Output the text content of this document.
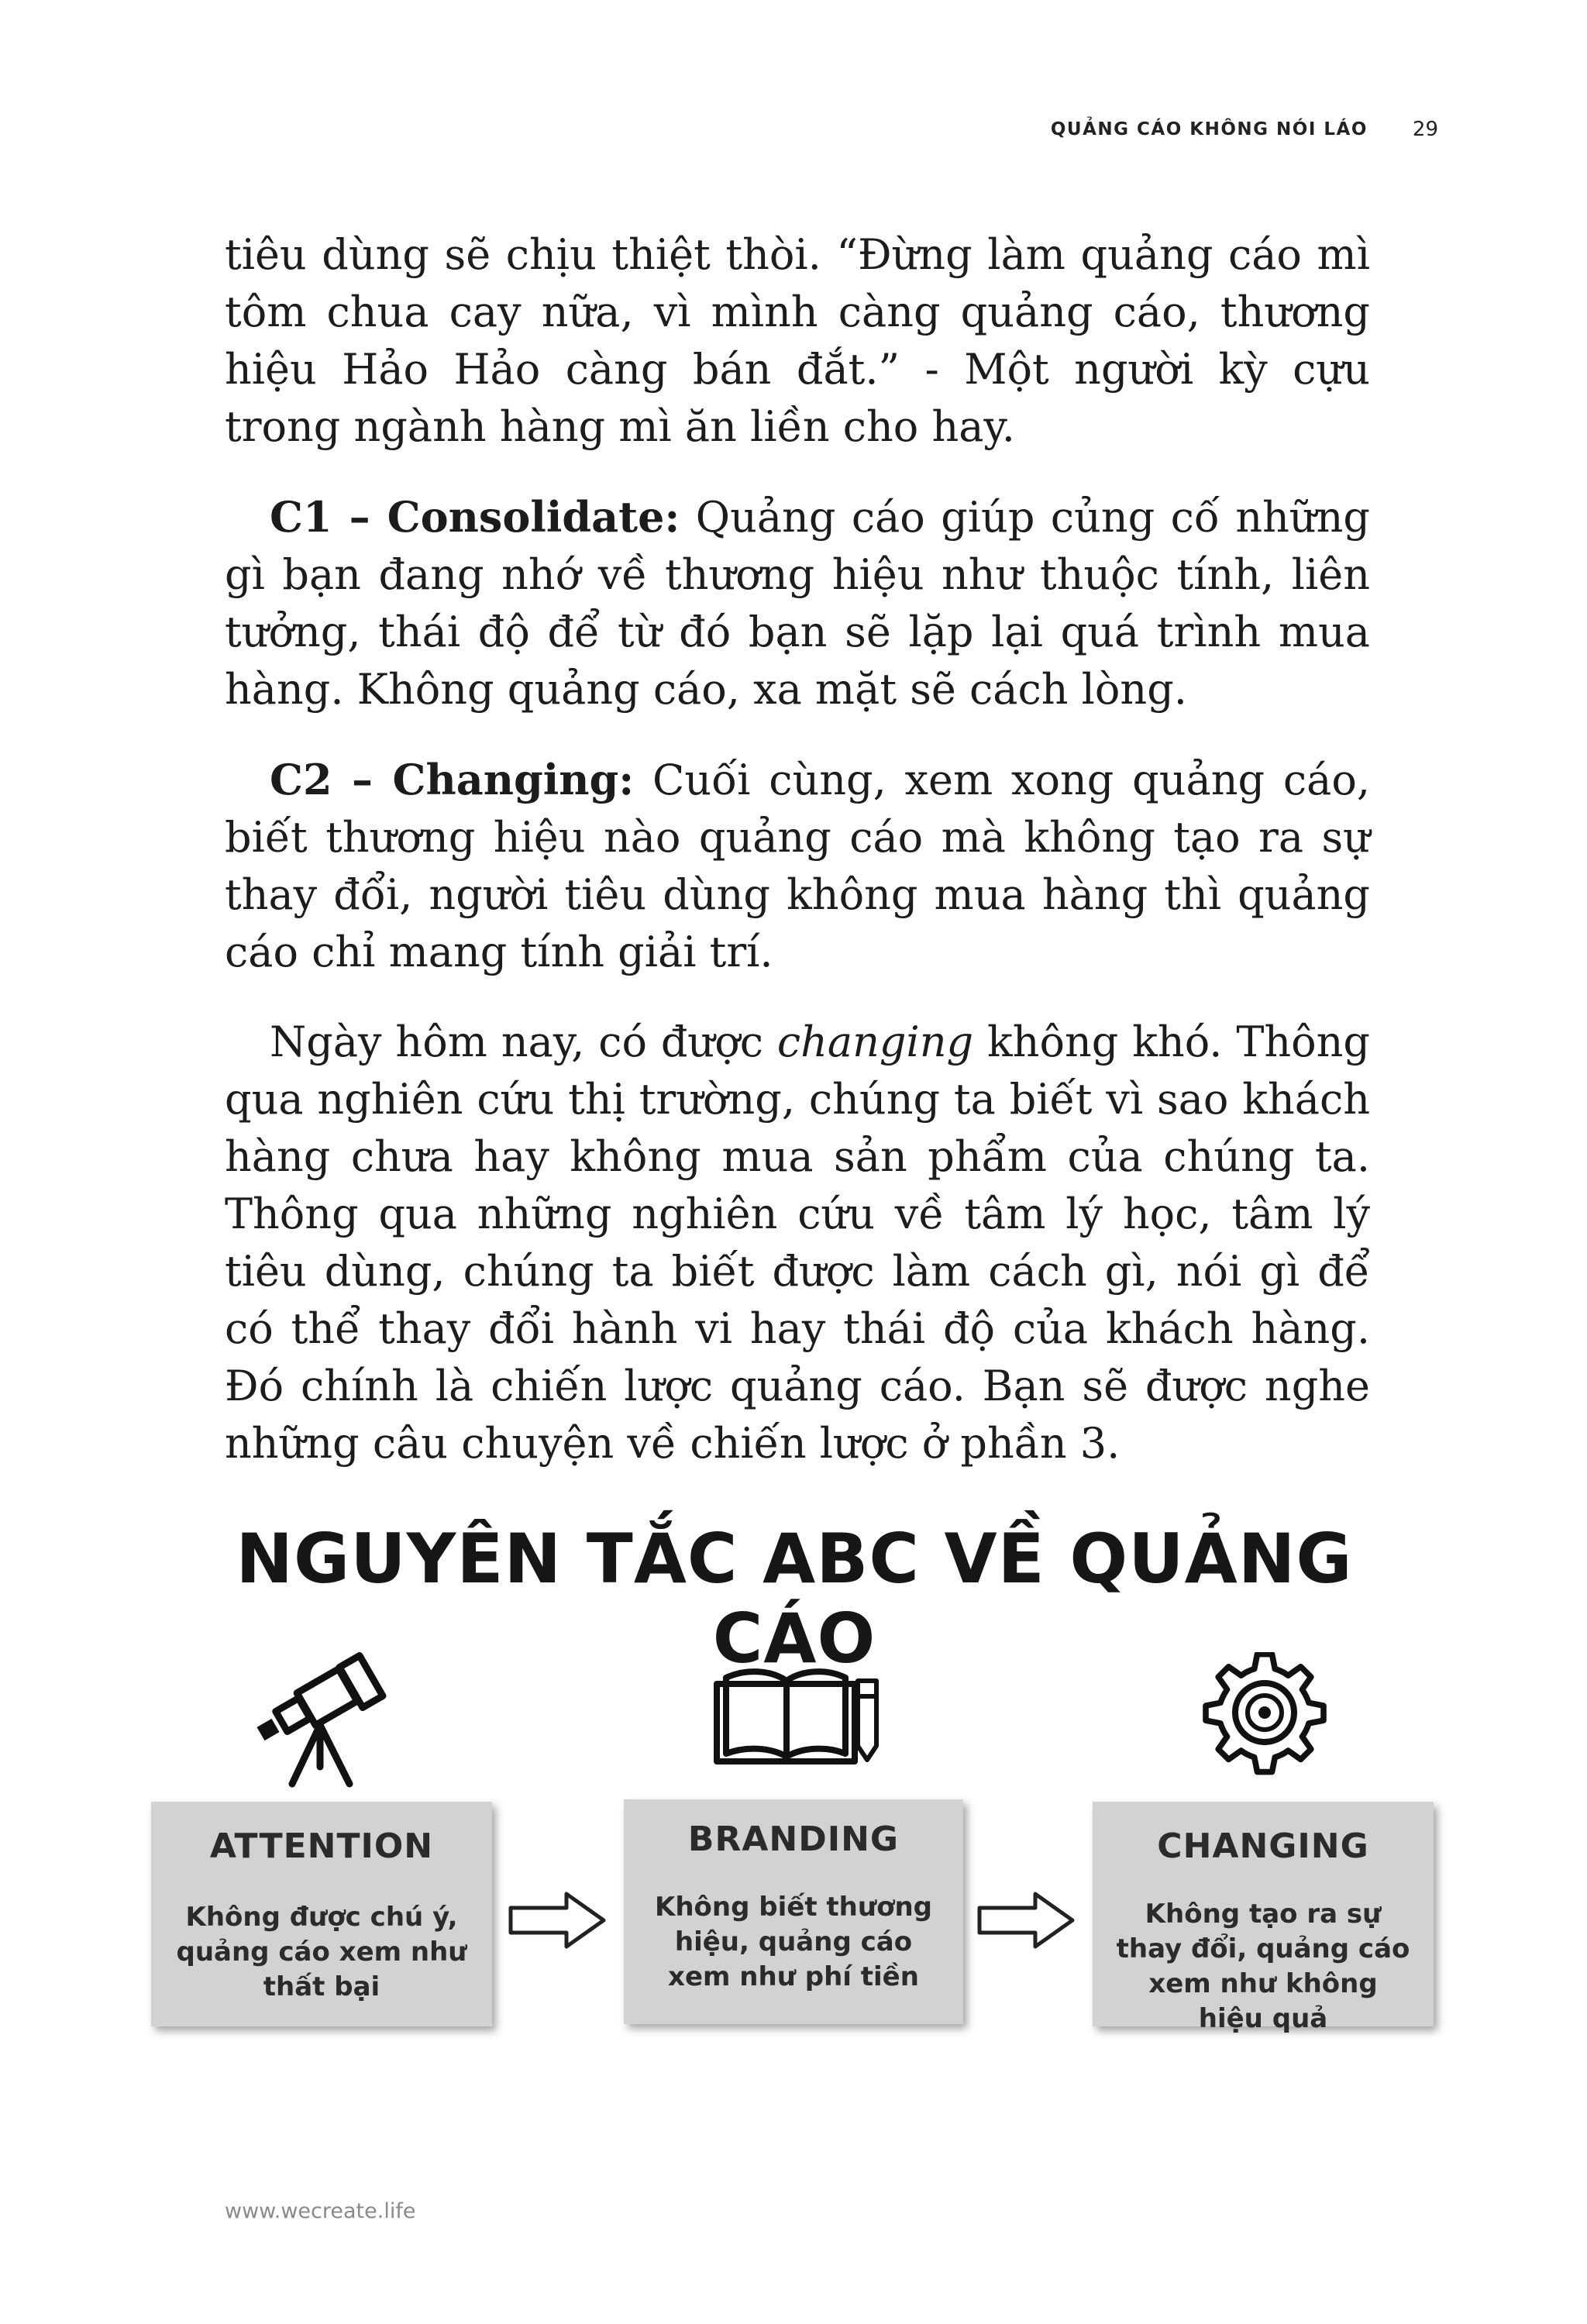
QUẢNG CÁO KHÔNG NÓI LÁO 29

tiêu dùng sẽ chịu thiệt thòi. “Đừng làm quảng cáo mì tôm chua cay nữa, vì mình càng quảng cáo, thương hiệu Hảo Hảo càng bán đắt.” - Một người kỳ cựu trong ngành hàng mì ăn liền cho hay.

C1 – Consolidate: Quảng cáo giúp củng cố những gì bạn đang nhớ về thương hiệu như thuộc tính, liên tưởng, thái độ để từ đó bạn sẽ lặp lại quá trình mua hàng. Không quảng cáo, xa mặt sẽ cách lòng.

C2 – Changing: Cuối cùng, xem xong quảng cáo, biết thương hiệu nào quảng cáo mà không tạo ra sự thay đổi, người tiêu dùng không mua hàng thì quảng cáo chỉ mang tính giải trí.

Ngày hôm nay, có được changing không khó. Thông qua nghiên cứu thị trường, chúng ta biết vì sao khách hàng chưa hay không mua sản phẩm của chúng ta. Thông qua những nghiên cứu về tâm lý học, tâm lý tiêu dùng, chúng ta biết được làm cách gì, nói gì để có thể thay đổi hành vi hay thái độ của khách hàng. Đó chính là chiến lược quảng cáo. Bạn sẽ được nghe những câu chuyện về chiến lược ở phần 3.

NGUYÊN TẮC ABC VỀ QUẢNG CÁO
ATTENTION
Không được chú ý, quảng cáo xem như thất bại
BRANDING
Không biết thương hiệu, quảng cáo xem như phí tiền
CHANGING
Không tạo ra sự thay đổi, quảng cáo xem như không hiệu quả
www.wecreate.life
